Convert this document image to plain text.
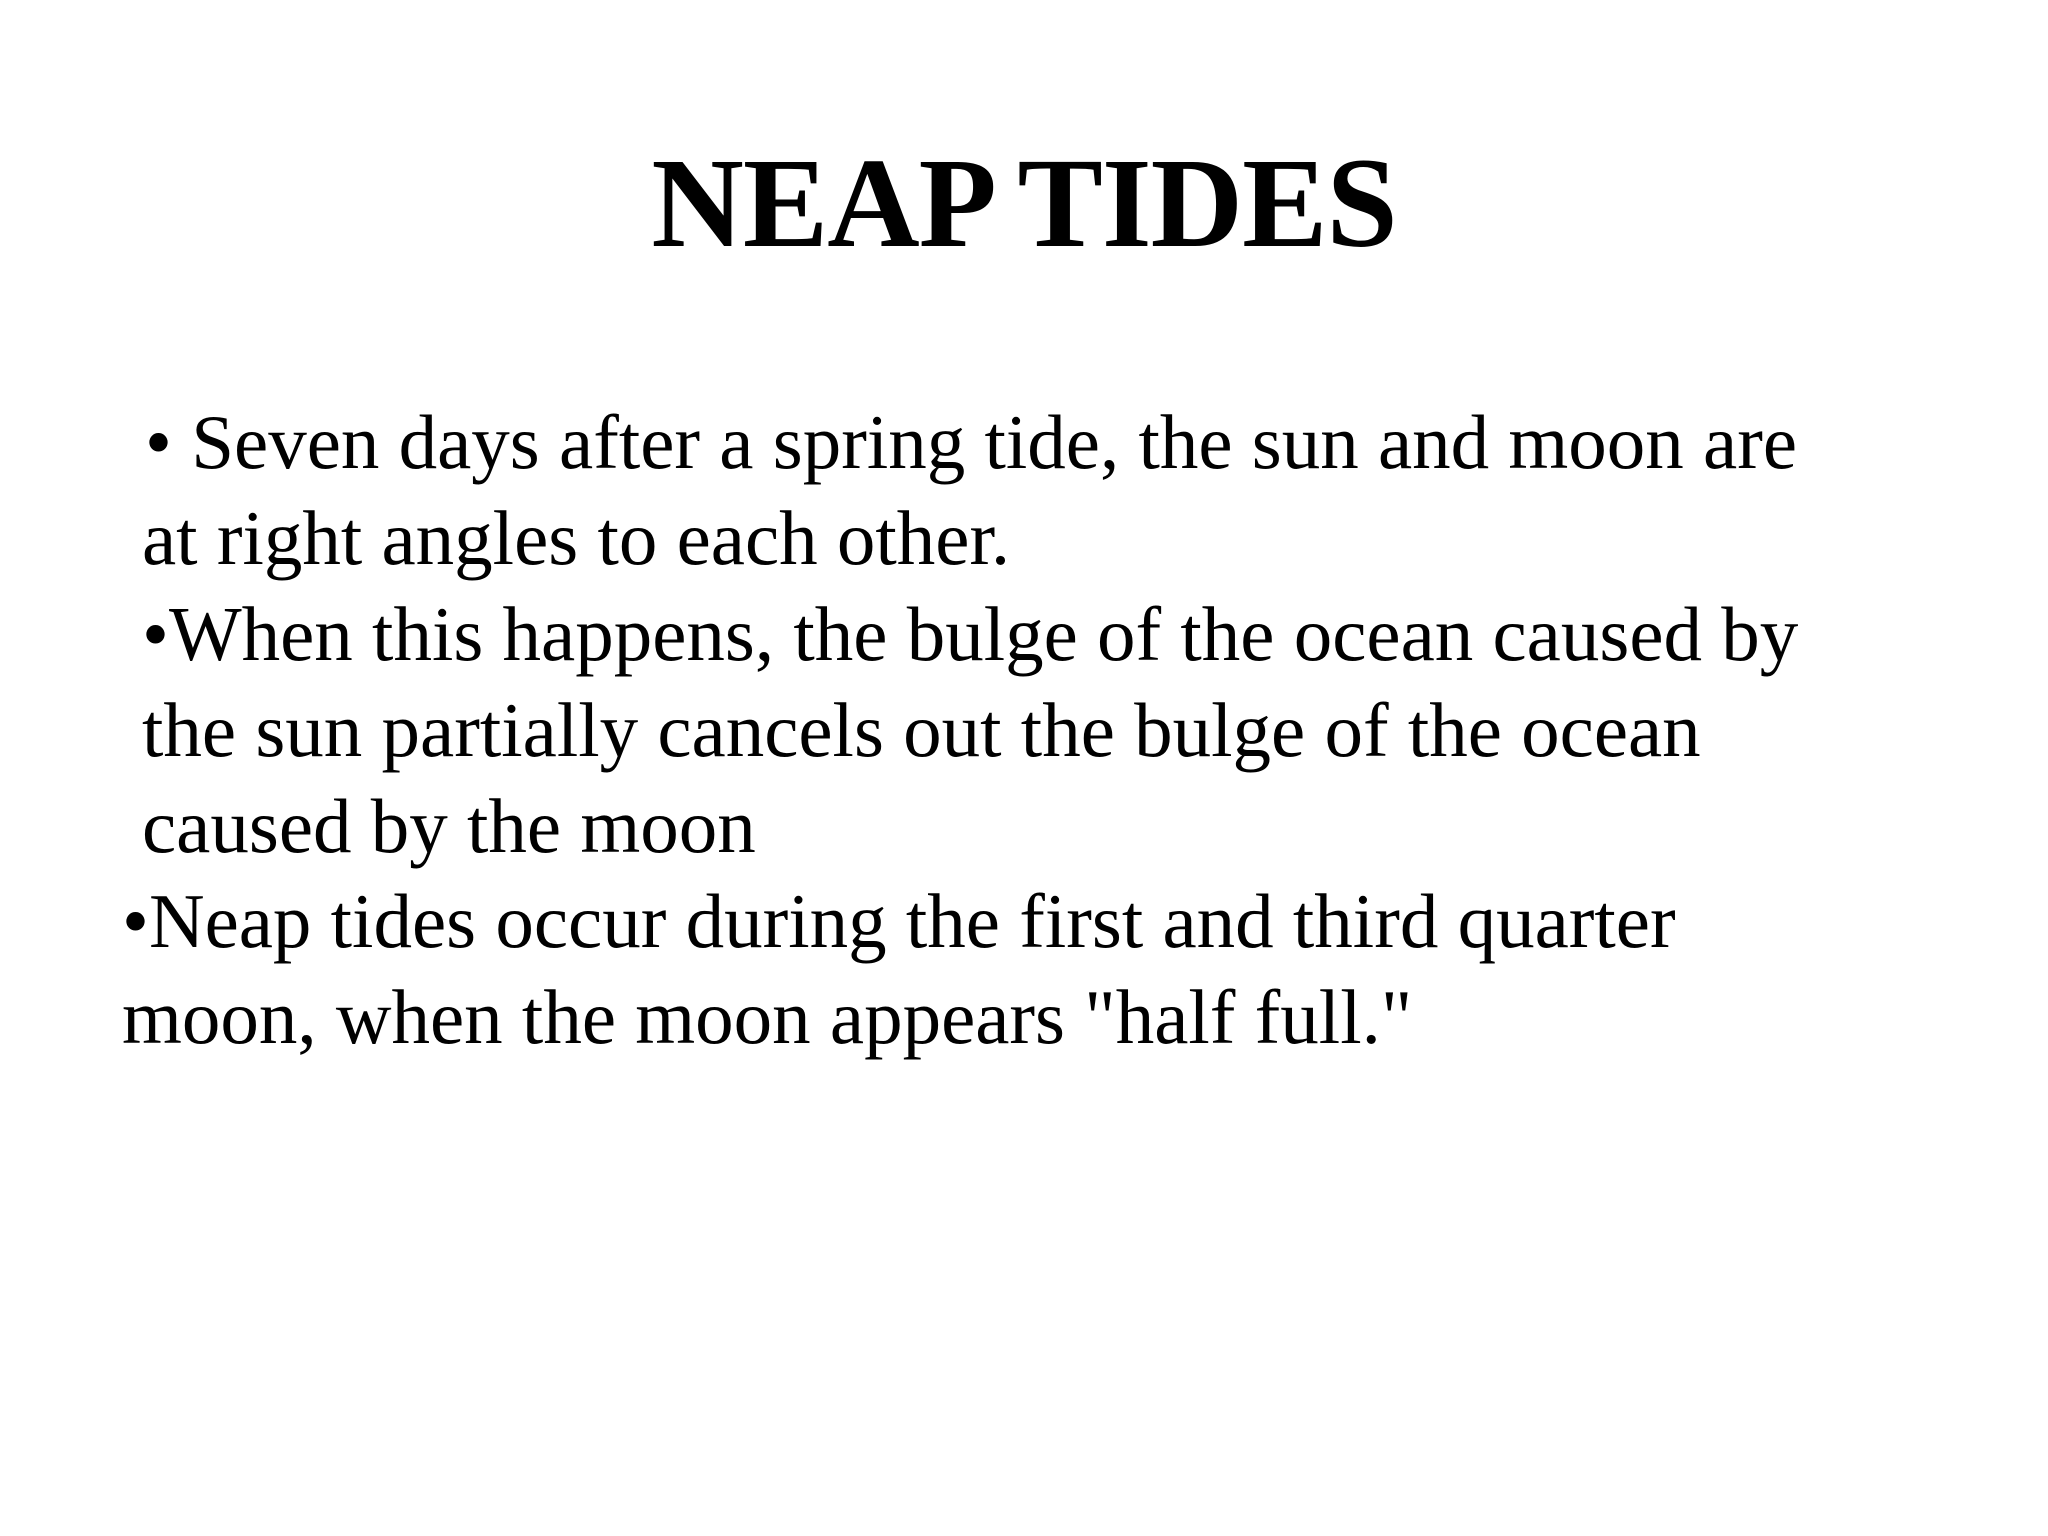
NEAP TIDES

• Seven days after a spring tide, the sun and moon are

at right angles to each other.

•When this happens, the bulge of the ocean caused by

the sun partially cancels out the bulge of the ocean

caused by the moon

•Neap tides occur during the first and third quarter

moon, when the moon appears "half full."
